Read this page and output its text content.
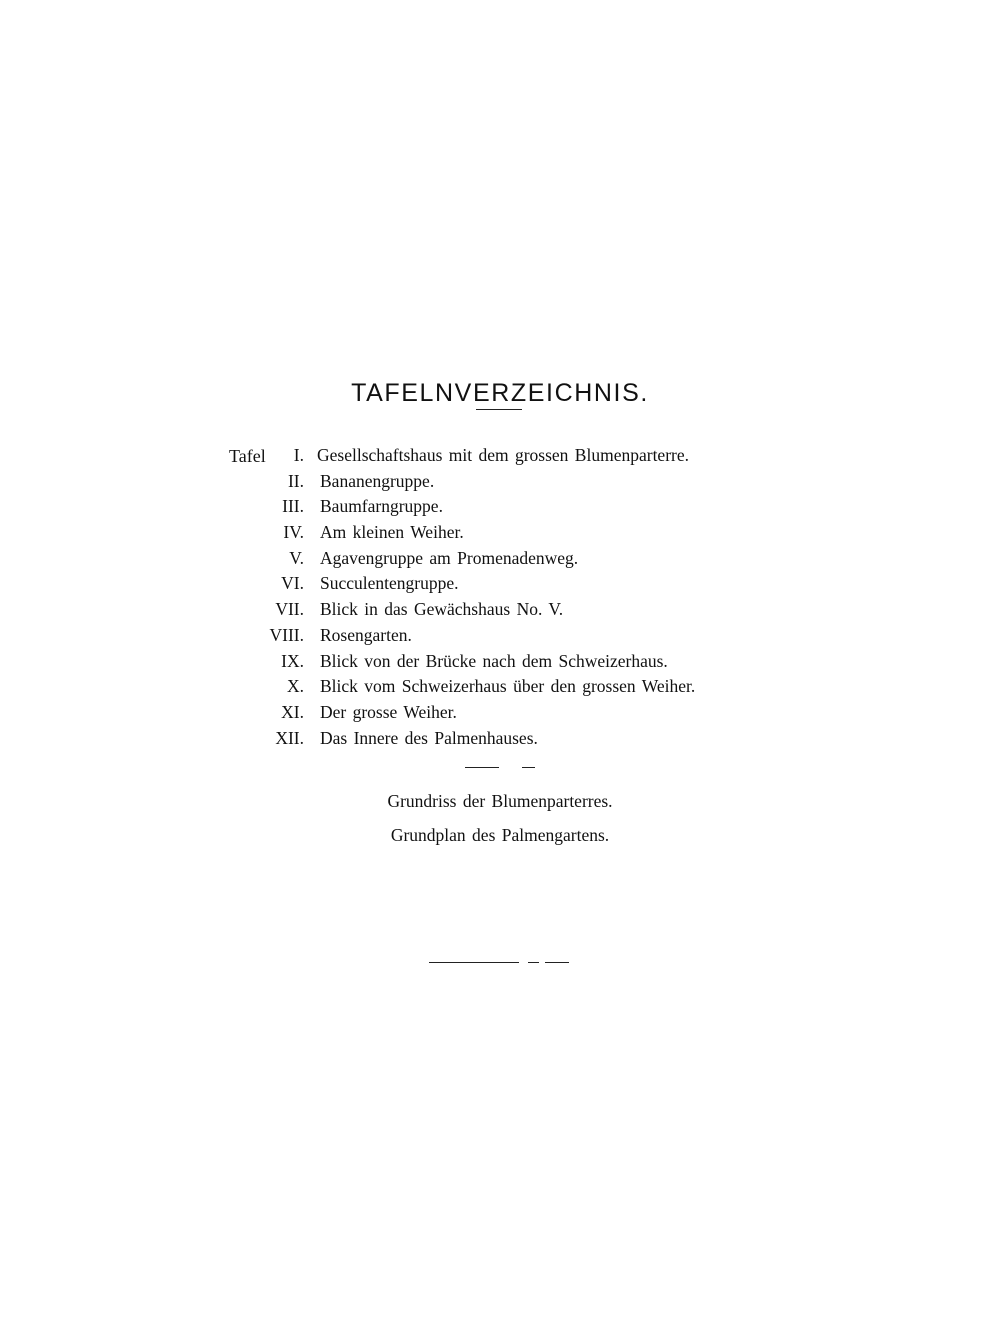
TAFELNVERZEICHNIS.
Tafel I. Gesellschaftshaus mit dem grossen Blumenparterre.
II. Bananengruppe.
III. Baumfarngruppe.
IV. Am kleinen Weiher.
V. Agavengruppe am Promenadenweg.
VI. Succulentengruppe.
VII. Blick in das Gewächshaus No. V.
VIII. Rosengarten.
IX. Blick von der Brücke nach dem Schweizerhaus.
X. Blick vom Schweizerhaus über den grossen Weiher.
XI. Der grosse Weiher.
XII. Das Innere des Palmenhauses.
Grundriss der Blumenparterres.
Grundplan des Palmengartens.
